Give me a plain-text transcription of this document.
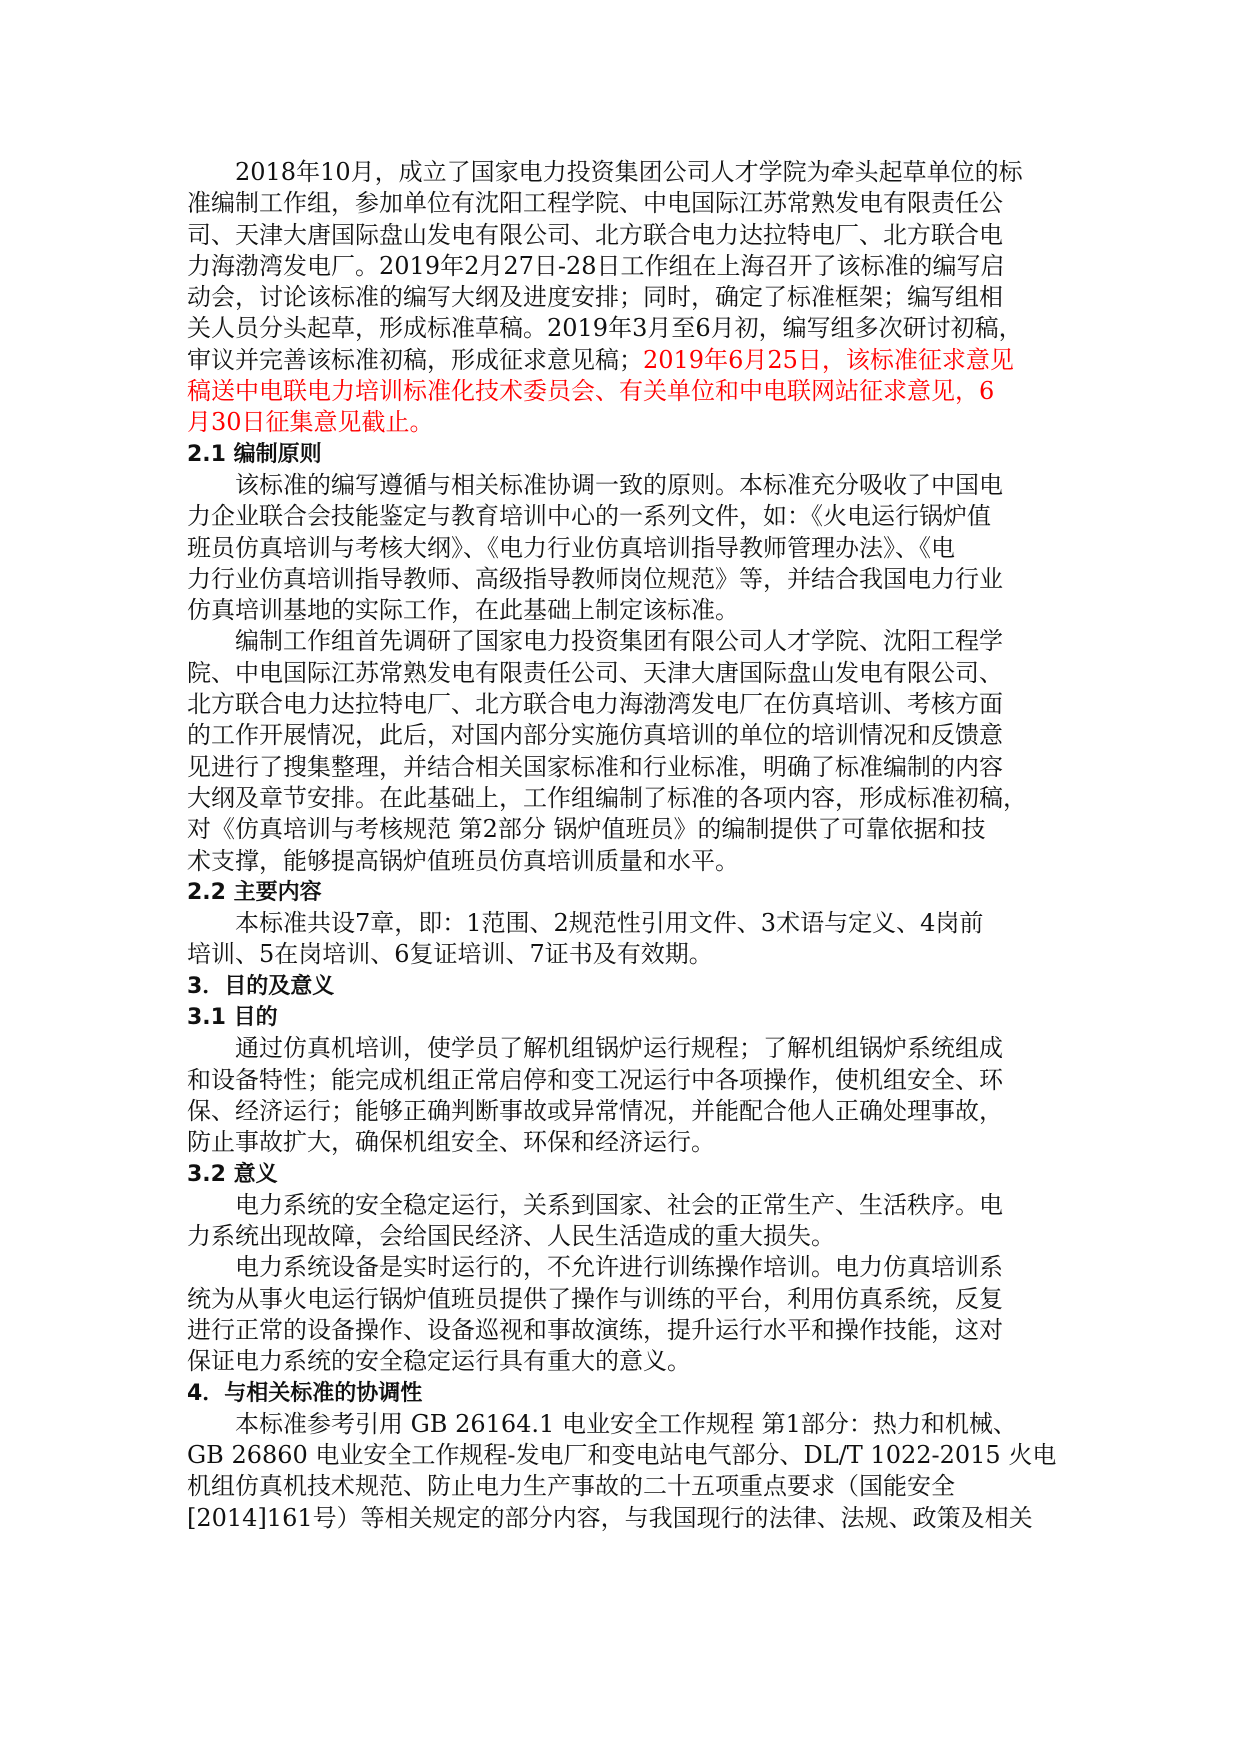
2018年10月，成立了国家电力投资集团公司人才学院为牵头起草单位的标
准编制工作组，参加单位有沈阳工程学院、中电国际江苏常熟发电有限责任公
司、天津大唐国际盘山发电有限公司、北方联合电力达拉特电厂、北方联合电
力海渤湾发电厂。2019年2月27日-28日工作组在上海召开了该标准的编写启
动会，讨论该标准的编写大纲及进度安排；同时，确定了标准框架；编写组相
关人员分头起草，形成标准草稿。2019年3月至6月初，编写组多次研讨初稿，
审议并完善该标准初稿，形成征求意见稿；2019年6月25日，该标准征求意见
稿送中电联电力培训标准化技术委员会、有关单位和中电联网站征求意见，6
月30日征集意见截止。
2.1 编制原则
该标准的编写遵循与相关标准协调一致的原则。本标准充分吸收了中国电
力企业联合会技能鉴定与教育培训中心的一系列文件，如：《火电运行锅炉值
班员仿真培训与考核大纲》、《电力行业仿真培训指导教师管理办法》、《电
力行业仿真培训指导教师、高级指导教师岗位规范》等，并结合我国电力行业
仿真培训基地的实际工作，在此基础上制定该标准。
编制工作组首先调研了国家电力投资集团有限公司人才学院、沈阳工程学
院、中电国际江苏常熟发电有限责任公司、天津大唐国际盘山发电有限公司、
北方联合电力达拉特电厂、北方联合电力海渤湾发电厂在仿真培训、考核方面
的工作开展情况，此后，对国内部分实施仿真培训的单位的培训情况和反馈意
见进行了搜集整理，并结合相关国家标准和行业标准，明确了标准编制的内容
大纲及章节安排。在此基础上，工作组编制了标准的各项内容，形成标准初稿，
对《仿真培训与考核规范 第2部分 锅炉值班员》的编制提供了可靠依据和技
术支撑，能够提高锅炉值班员仿真培训质量和水平。
2.2 主要内容
本标准共设7章，即：1范围、2规范性引用文件、3术语与定义、4岗前
培训、5在岗培训、6复证培训、7证书及有效期。
3．目的及意义
3.1 目的
通过仿真机培训，使学员了解机组锅炉运行规程；了解机组锅炉系统组成
和设备特性；能完成机组正常启停和变工况运行中各项操作，使机组安全、环
保、经济运行；能够正确判断事故或异常情况，并能配合他人正确处理事故，
防止事故扩大，确保机组安全、环保和经济运行。
3.2 意义
电力系统的安全稳定运行，关系到国家、社会的正常生产、生活秩序。电
力系统出现故障，会给国民经济、人民生活造成的重大损失。
电力系统设备是实时运行的，不允许进行训练操作培训。电力仿真培训系
统为从事火电运行锅炉值班员提供了操作与训练的平台，利用仿真系统，反复
进行正常的设备操作、设备巡视和事故演练，提升运行水平和操作技能，这对
保证电力系统的安全稳定运行具有重大的意义。
4．与相关标准的协调性
本标准参考引用 GB 26164.1 电业安全工作规程 第1部分：热力和机械、
GB 26860 电业安全工作规程-发电厂和变电站电气部分、DL/T 1022-2015 火电
机组仿真机技术规范、防止电力生产事故的二十五项重点要求（国能安全
[2014]161号）等相关规定的部分内容，与我国现行的法律、法规、政策及相关
